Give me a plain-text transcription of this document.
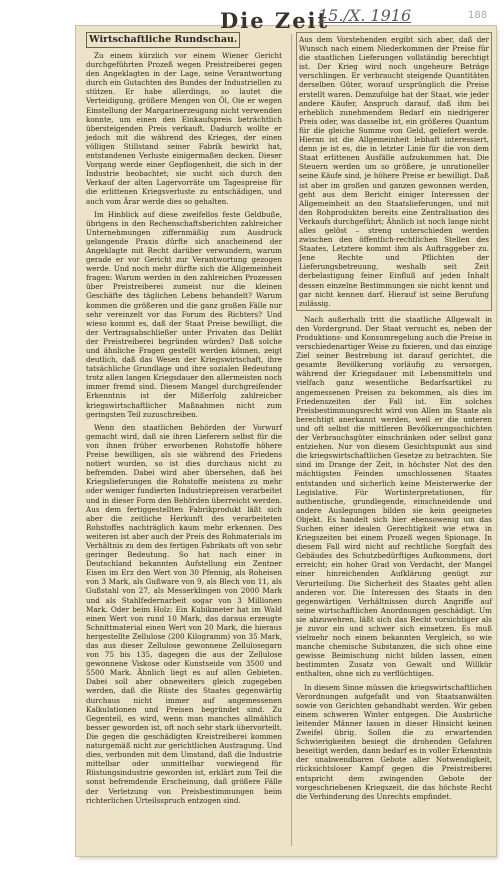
Die Zeit
15./X. 1916	188
Wirtschaftliche Rundschau.

Zu einem kürzlich vor einem Wiener Gericht durchgeführten Prozeß wegen Preistreiberei gegen den Angeklagten in der Lage, seine Verantwortung durch ein Gutachten des Bundes der Industriellen zu stützen. Er habe allerdings, so lautet die Verteidigung, größere Mengen von Öl, Oie er wegen Einstellung der Margarinerzeugung nicht verwenden konnte, um einen den Einkaufspreis beträchtlich übersteigenden Preis verkauft. Dadurch wollte er jedoch mit die während des Krieges, der einen völligen Stillstand seiner Fabrik bewirkt hat, entstandenen Verluste einigermaßen decken. Dieser Vorgang werde einer Gepflogenheit, die sich in der Industrie beobachtet; sie sucht sich durch den Verkauf der alten Lagervorräte um Tagespreise für die erlittenen Kriegsverluste zu entschädigen, und auch vom Ärar werde dies so gehalten.

Im Hinblick auf diese zweifellos feste Geldbuße, übrigens in den Rechenschaftsberichten zahlreicher Unternehmungen ziffernmäßig zum Ausdruck gelangende Praxis dürfte sich anscheinend der Angeklagte mit Recht darüber verwundern, warum gerade er vor Gericht zur Verantwortung gezogen werde. Und noch mehr dürfte sich die Allgemeinheit fragen: Warum werden in den zahlreichen Prozessen über Preistreiberei zumeist nur die kleinen Geschäfte des täglichen Lebens behandelt? Warum kommen die größeren und die ganz großen Fälle nur sehr vereinzelt vor das Forum des Richters? Und wieso kommt es, daß der Staat Preise bewilligt, die der Vertragsabschließer unter Privaten das Delikt der Preistreiberei begründen würden? Daß solche und ähnliche Fragen gestellt werden können, zeigt deutlich, daß das Wesen der Kriegswirtschaft, ihre tatsächliche Grundlage und ihre sozialen Bedeutung trotz allen langen Kriegsdauer den allermeisten noch immer fremd sind. Diesem Mangel durchgreifender Erkenntnis ist der Mißerfolg zahlreicher kriegswirtschaftlicher Maßnahmen nicht zum geringsten Teil zuzuschreiben.

Wenn den staatlichen Behörden der Vorwurf gemacht wird, daß sie ihren Lieferern selbst für die von ihnen früher erworbenen Rohstoffe höhere Preise bewilligen, als sie während des Friedens notiert wurden, so ist dies durchaus nicht zu befremden. Dabei wird aber übersehen, daß bei Kriegslieferungen die Rohstoffe meistens zu mehr oder weniger fundierten Industriepreisen verarbeitet und in dieser Form den Behörden überreicht werden. Aus dem fertiggestellten Fabrikprodukt läßt sich aber die zeitliche Herkunft des verarbeiteten Rohstoffes nachträglich kaum mehr erkennen. Des weiteren ist aber auch der Preis des Rohmaterials im Verhältnis zu dem des fertigen Fabrikats oft von sehr geringer Bedeutung. So hat nach einer in Deutschland bekannten Aufstellung ein Zentner Eisen im Erz den Wert von 30 Pfennig, als Roheisen von 3 Mark, als Gußware von 9, als Blech von 11, als Gußstahl von 27, als Messerklingen von 2000 Mark und als Stahlfedernarbeit sogar von 3 Millionen Mark. Oder beim Holz: Ein Kubikmeter hat im Wald einen Wert von rund 10 Mark, das daraus erzeugte Schnittmaterial einen Wert von 20 Mark, die hieraus hergestellte Zellulose (200 Kilogramm) von 35 Mark, das aus dieser Zellulose gewonnene Zellulosegarn von 75 bis 135, dagegen die aus der Zellulose gewonnene Viskose oder Kunstseide von 3500 und 5500 Mark. Ähnlich liegt es auf allen Gebieten. Dabei soll aber ohneweiters gleich zugegeben werden, daß die Rüste des Staates gegenwärtig durchaus nicht immer auf angemessenen Kalkulationen und Preisen begründet sind. Zu Gegenteil, es wird, wenn man manches allmählich besser geworden ist, oft noch sehr stark übervorteilt. Die gegen die geschädigten Kreistreiberei kommen naturgemäß nicht zur gerichtlichen Austragung. Und dies, verbunden mit dem Umstand, daß die Industrie mittelbar oder unmittelbar vorwiegend für Rüstungsindustrie geworden ist, erklärt zum Teil die sonst befremdende Erscheinung, daß größere Fälle der Verletzung von Preisbestimmungen beim richterlichen Urteilsspruch entzogen sind.

Aus dem Vorstehenden ergibt sich aber, daß der Wunsch nach einem Niederkommen der Preise für die staatlichen Lieferungen vollständig berechtigt ist. Der Krieg wird noch ungeheure Beträge verschlingen. Er verbraucht steigende Quantitäten derselben Güter, worauf ursprünglich die Preise erstellt waren. Demzufolge hat der Staat, wie jeder andere Käufer, Anspruch darauf, daß ihm bei erheblich zunehmendem Bedarf ein niedrigerer Preis oder, was dasselbe ist, ein größeres Quantum für die gleiche Summe von Geld, geliefert werde. Hieran ist die Allgemeinheit lebhaft interessiert, denn je ist es, die in letzter Linie für die von dem Staat erlittenen Ausfälle aufzukommen hat. Die Steuern werden um so größere, je unrationeller seine Käufe sind, je höhere Preise er bewilligt. Daß ist aber im großen und ganzen gewonnen werden, geht aus dem Bericht einiger Interessen der Allgemeinheit an den Staatslieferungen, und mit den Rohprodukten bereits eine Zentralisation des Verkaufs durchgeführt; Ähnlich ist noch lange nicht alles gelöst – streng unterschieden werden zwischen den öffentlich-rechtlichen Stellen des Staates, Letztere kommt ihm als Auftraggeber zu. Jene Rechte und Pflichten der Lieferungsbetreuung, weshalb seit Zeit derbelastigung feiner Einfluß auf jeden Inhalt dessen einzelne Bestimmungen sie nicht kennt und gar nicht kennen darf. Hierauf ist seine Berufung zulässig.

Nach außerhalb tritt die staatliche Allgewalt in den Vordergrund. Der Staat versucht es, neben der Produktions- und Konsumregelung auch die Preise in verschiedenartiger Weise zu fixieren, und das einzige Ziel seiner Bestrebung ist darauf gerichtet, die gesamte Bevölkerung vorläufig zu versorgen, während der Kriegsdauer mit Lebensmitteln und vielfach ganz wesentliche Bedarfsartikel zu angemessenen Preisen zu bekommen, als dies im Friedenszeiten der Fall ist. Ein solches Preisbestimmungsrecht wird von Allen im Staate als berechtigt anerkannt werden, weil er die unteren und oft selbst die mittleren Bevölkerungsschichten der Verbrauchsgüter einschränken oder selbst ganz entziehen. Nur von diesem Gesichtspunkt aus sind die kriegswirtschaftlichen Gesetze zu betrachten. Sie sind im Drange der Zeit, in höchster Not des den mächtigsten Feinden umschlossenen Staates entstanden und sicherlich keine Meisterwerke der Legislative. Für Wortinterpretationen, für authentische, grundlegende, einschneidende und andere Auslegungen bilden sie kein geeignetes Objekt. Es handelt sich hier ebensowenig um das Suchen einer idealen Gerechtigkeit wie etwa in Kriegszeiten bei einem Prozeß wegen Spionage. In diesem Fall wird nicht auf rechtliche Sorgfalt des Gebäudes des Schutzbedürftiges Aufkommens, dort erreicht; ein hoher Grad von Verdacht, der Mangel einer hinreichenden Aufklärung genügt zur Verurteilung. Die Sicherheit des Staates geht allen anderen vor. Die Interessen des Staats in den gegenwärtigen Verhältnissen durch Angriffe auf seine wirtschaftlichen Anordnungen geschädigt. Um sie abzuwehren, läßt sich das Recht vorsichtiger als je zuvor ein und schwer sich einsetzen. Es muß vielmehr noch einem bekannten Vergleich, so wie manche chemische Substanzen, die sich ohne eine gewisse Beimischung nicht bilden lassen, einen bestimmten Zusatz von Gewalt und Willkür enthalten, ohne sich zu verflüchtigen.

In diesem Sinne müssen die kriegswirtschaftlichen Verordnungen aufgefaßt und von Staatsanwälten sowie von Gerichten gehandhabt werden. Wir geben einem schweren Winter entgegen. Die Ausbrüche leitender Männer lassen in dieser Hinsicht keinen Zweifel übrig. Sollen die zu erwartenden Schwierigkeiten besiegt die drohenden Gefahren beseitigt werden, dann bedarf es in voller Erkenntnis der unabwendbaren Gebote aller Notwendigkeit, rücksichtsloser Kampf gegen die Preistreiberei entspricht dem zwingenden Gebote der vorgeschriebenen Kriegszeit, die das höchste Recht die Verhinderung des Unrechts empfindet.
